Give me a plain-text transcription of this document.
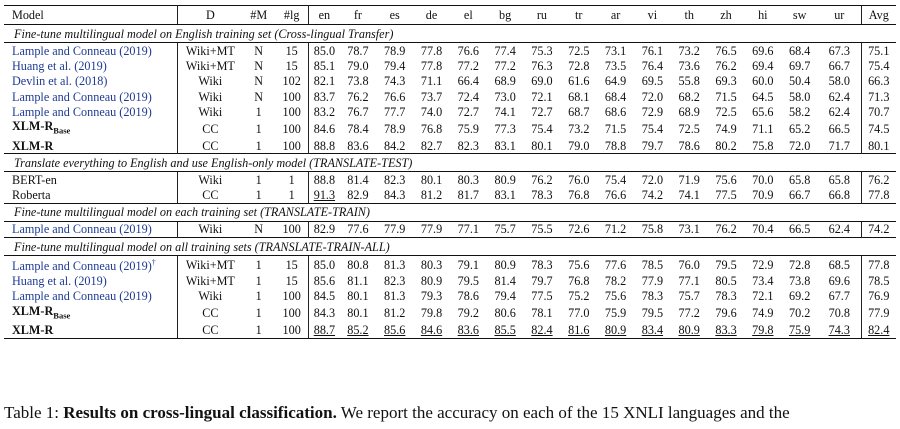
Model	D	#M	#lg	en	fr	es	de	el	bg	ru	tr	ar	vi	th	zh	hi	sw	ur	Avg
Fine-tune multilingual model on English training set (Cross-lingual Transfer)																			
Lample and Conneau (2019)	Wiki+MT	N	15	85.0	78.7	78.9	77.8	76.6	77.4	75.3	72.5	73.1	76.1	73.2	76.5	69.6	68.4	67.3	75.1
Huang et al. (2019)	Wiki+MT	N	15	85.1	79.0	79.4	77.8	77.2	77.2	76.3	72.8	73.5	76.4	73.6	76.2	69.4	69.7	66.7	75.4
Devlin et al. (2018)	Wiki	N	102	82.1	73.8	74.3	71.1	66.4	68.9	69.0	61.6	64.9	69.5	55.8	69.3	60.0	50.4	58.0	66.3
Lample and Conneau (2019)	Wiki	N	100	83.7	76.2	76.6	73.7	72.4	73.0	72.1	68.1	68.4	72.0	68.2	71.5	64.5	58.0	62.4	71.3
Lample and Conneau (2019)	Wiki	1	100	83.2	76.7	77.7	74.0	72.7	74.1	72.7	68.7	68.6	72.9	68.9	72.5	65.6	58.2	62.4	70.7
XLM-$R_{Base}$	CC	1	100	84.6	78.4	78.9	76.8	75.9	77.3	75.4	73.2	71.5	75.4	72.5	74.9	71.1	65.2	66.5	74.5
XLM-R	CC	1	100	88.8	83.6	84.2	82.7	82.3	83.1	80.1	79.0	78.8	79.7	78.6	80.2	75.8	72.0	71.7	80.1
Translate everything to English and use English-only model (TRANSLATE-TEST)																			
BERT-en	Wiki	1	1	88.8	81.4	82.3	80.1	80.3	80.9	76.2	76.0	75.4	72.0	71.9	75.6	70.0	65.8	65.8	76.2
Roberta	CC	1	1	91.3	82.9	84.3	81.2	81.7	83.1	78.3	76.8	76.6	74.2	74.1	77.5	70.9	66.7	66.8	77.8
Fine-tune multilingual model on each training set (TRANSLATE-TRAIN)																			
Lample and Conneau (2019)	Wiki	N	100	82.9	77.6	77.9	77.9	77.1	75.7	75.5	72.6	71.2	75.8	73.1	76.2	70.4	66.5	62.4	74.2
Fine-tune multilingual model on all training sets (TRANSLATE-TRAIN-ALL)																			
Lample and Conneau (2019)†	Wiki+MT	1	15	85.0	80.8	81.3	80.3	79.1	80.9	78.3	75.6	77.6	78.5	76.0	79.5	72.9	72.8	68.5	77.8
Huang et al. (2019)	Wiki+MT	1	15	85.6	81.1	82.3	80.9	79.5	81.4	79.7	76.8	78.2	77.9	77.1	80.5	73.4	73.8	69.6	78.5
Lample and Conneau (2019)	Wiki	1	100	84.5	80.1	81.3	79.3	78.6	79.4	77.5	75.2	75.6	78.3	75.7	78.3	72.1	69.2	67.7	76.9
XLM-$R_{Base}$	CC	1	100	84.3	80.1	81.2	79.8	79.2	80.6	78.1	77.0	75.9	79.5	77.2	79.6	74.9	70.2	70.8	77.9
XLM-R	CC	1	100	88.7	85.2	85.6	84.6	83.6	85.5	82.4	81.6	80.9	83.4	80.9	83.3	79.8	75.9	74.3	82.4
Table 1: Results on cross-lingual classification. We report the accuracy on each of the 15 XNLI languages and the
